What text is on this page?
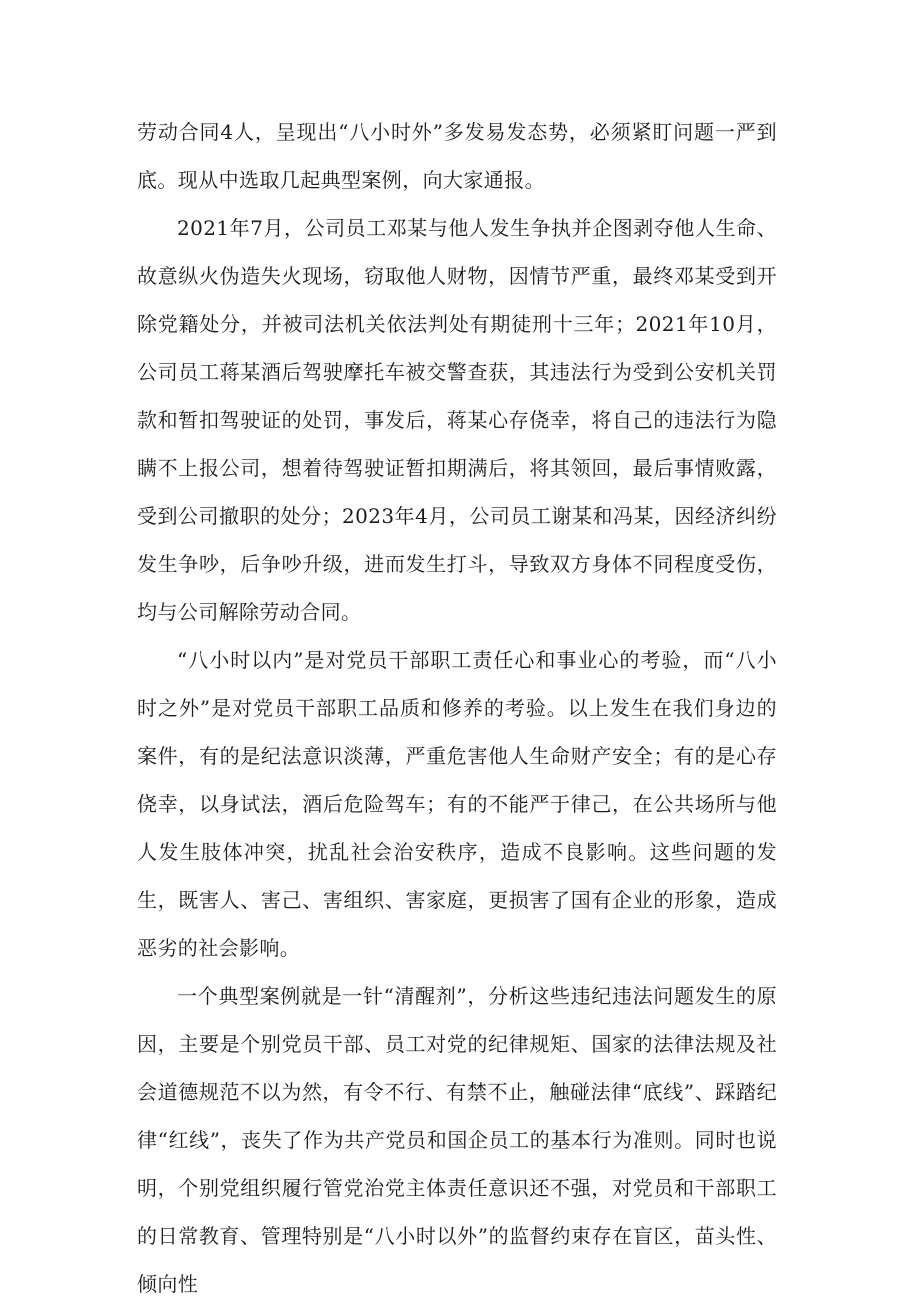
劳动合同4人，呈现出“八小时外”多发易发态势，必须紧盯问题一严到底。现从中选取几起典型案例，向大家通报。

2021年7月，公司员工邓某与他人发生争执并企图剥夺他人生命、故意纵火伪造失火现场，窃取他人财物，因情节严重，最终邓某受到开除党籍处分，并被司法机关依法判处有期徒刑十三年；2021年10月，公司员工蒋某酒后驾驶摩托车被交警查获，其违法行为受到公安机关罚款和暂扣驾驶证的处罚，事发后，蒋某心存侥幸，将自己的违法行为隐瞒不上报公司，想着待驾驶证暂扣期满后，将其领回，最后事情败露，受到公司撤职的处分；2023年4月，公司员工谢某和冯某，因经济纠纷发生争吵，后争吵升级，进而发生打斗，导致双方身体不同程度受伤，均与公司解除劳动合同。

“八小时以内”是对党员干部职工责任心和事业心的考验，而“八小时之外”是对党员干部职工品质和修养的考验。以上发生在我们身边的案件，有的是纪法意识淡薄，严重危害他人生命财产安全；有的是心存侥幸，以身试法，酒后危险驾车；有的不能严于律己，在公共场所与他人发生肢体冲突，扰乱社会治安秩序，造成不良影响。这些问题的发生，既害人、害己、害组织、害家庭，更损害了国有企业的形象，造成恶劣的社会影响。

一个典型案例就是一针“清醒剂”，分析这些违纪违法问题发生的原因，主要是个别党员干部、员工对党的纪律规矩、国家的法律法规及社会道德规范不以为然，有令不行、有禁不止，触碰法律“底线”、踩踏纪律“红线”，丧失了作为共产党员和国企员工的基本行为准则。同时也说明，个别党组织履行管党治党主体责任意识还不强，对党员和干部职工的日常教育、管理特别是“八小时以外”的监督约束存在盲区，苗头性、倾向性
